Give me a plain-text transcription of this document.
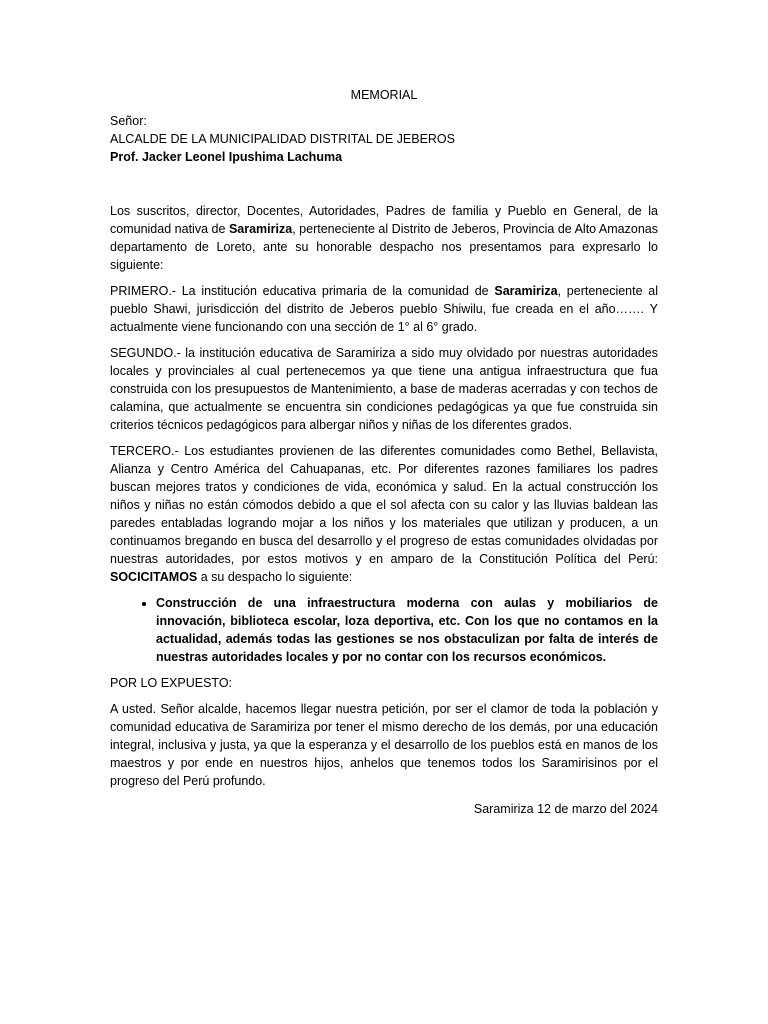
MEMORIAL
Señor:
ALCALDE DE LA MUNICIPALIDAD DISTRITAL DE JEBEROS
Prof. Jacker Leonel Ipushima Lachuma

Los suscritos, director, Docentes, Autoridades, Padres de familia y Pueblo en General, de la comunidad nativa de Saramiriza, perteneciente al Distrito de Jeberos, Provincia de Alto Amazonas departamento de Loreto, ante su honorable despacho nos presentamos para expresarlo lo siguiente:

PRIMERO.- La institución educativa primaria de la comunidad de Saramiriza, perteneciente al pueblo Shawi, jurisdicción del distrito de Jeberos pueblo Shiwilu, fue creada en el año……. Y actualmente viene funcionando con una sección de 1° al 6° grado.

SEGUNDO.- la institución educativa de Saramiriza a sido muy olvidado por nuestras autoridades locales y provinciales al cual pertenecemos ya que tiene una antigua infraestructura que fua construida con los presupuestos de Mantenimiento, a base de maderas acerradas y con techos de calamina, que actualmente se encuentra sin condiciones pedagógicas ya que fue construida sin criterios técnicos pedagógicos para albergar niños y niñas de los diferentes grados.

TERCERO.- Los estudiantes provienen de las diferentes comunidades como Bethel, Bellavista, Alianza y Centro América del Cahuapanas, etc. Por diferentes razones familiares los padres buscan mejores tratos y condiciones de vida, económica y salud. En la actual construcción los niños y niñas no están cómodos debido a que el sol afecta con su calor y las lluvias baldean las paredes entabladas logrando mojar a los niños y los materiales que utilizan y producen, a un continuamos bregando en busca del desarrollo y el progreso de estas comunidades olvidadas por nuestras autoridades, por estos motivos y en amparo de la Constitución Política del Perú: SOCICITAMOS a su despacho lo siguiente:

• Construcción de una infraestructura moderna con aulas y mobiliarios de innovación, biblioteca escolar, loza deportiva, etc. Con los que no contamos en la actualidad, además todas las gestiones se nos obstaculizan por falta de interés de nuestras autoridades locales y por no contar con los recursos económicos.

POR LO EXPUESTO:

A usted. Señor alcalde, hacemos llegar nuestra petición, por ser el clamor de toda la población y comunidad educativa de Saramiriza por tener el mismo derecho de los demás, por una educación integral, inclusiva y justa, ya que la esperanza y el desarrollo de los pueblos está en manos de los maestros y por ende en nuestros hijos, anhelos que tenemos todos los Saramirisinos por el progreso del Perú profundo.

Saramiriza 12 de marzo del 2024
